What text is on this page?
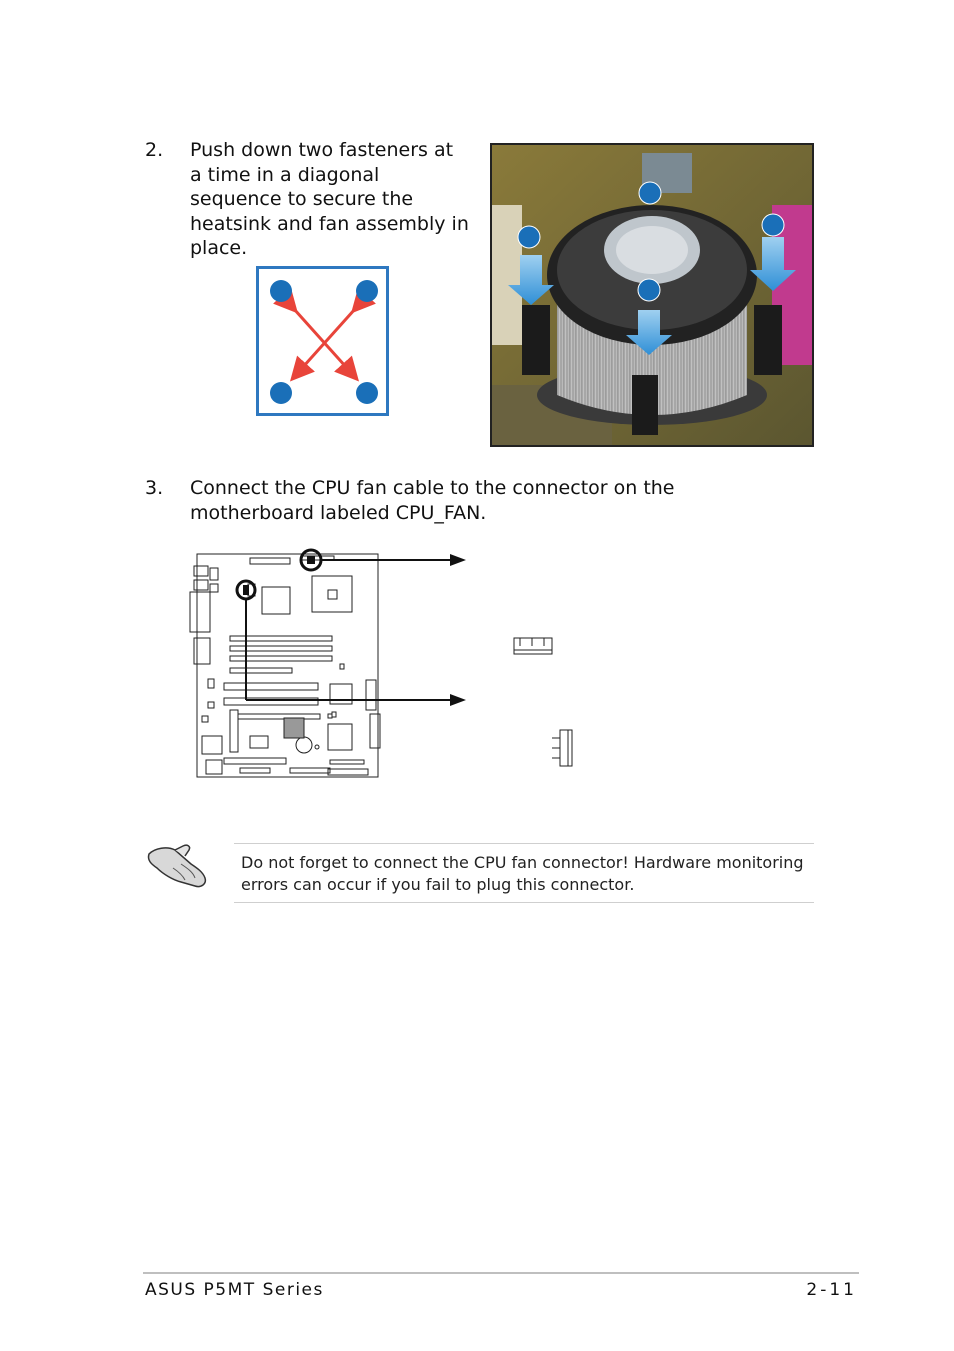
2. Push down two fasteners at a time in a diagonal sequence to secure the heatsink and fan assembly in place.
3. Connect the CPU fan cable to the connector on the motherboard labeled CPU_FAN.

Do not forget to connect the CPU fan connector! Hardware monitoring errors can occur if you fail to plug this connector.

ASUS P5MT Series	2-11
